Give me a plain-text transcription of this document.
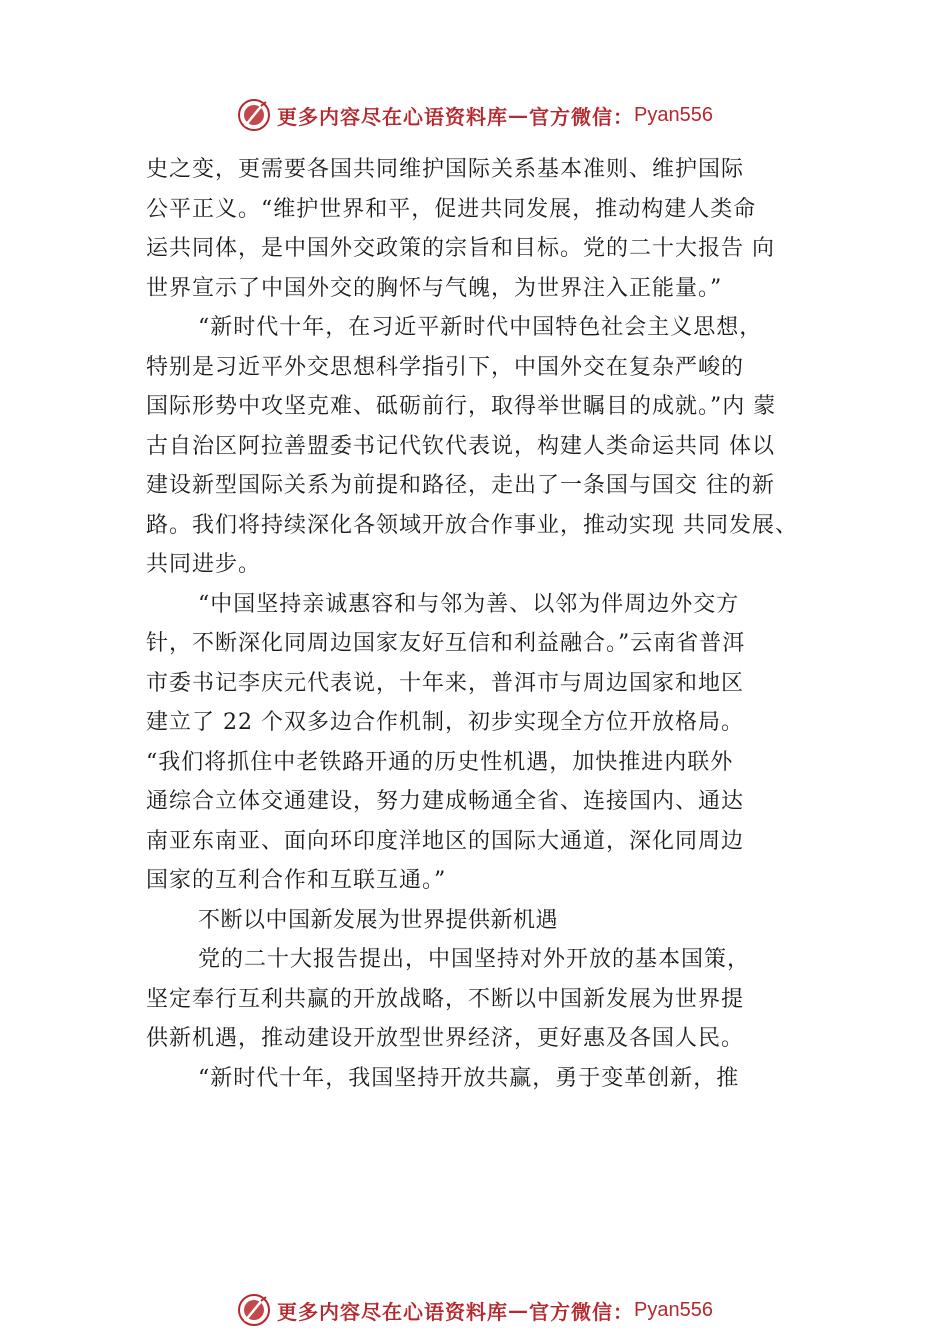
更多内容尽在心语资料库 — 官方微信： Pyan556
史之变，更需要各国共同维护国际关系基本准则、维护国际
公平正义。“维护世界和平，促进共同发展，推动构建人类命
运共同体，是中国外交政策的宗旨和目标。党的二十大报告 向
世界宣示了中国外交的胸怀与气魄，为世界注入正能量。”
“新时代十年，在习近平新时代中国特色社会主义思想，
特别是习近平外交思想科学指引下，中国外交在复杂严峻的
国际形势中攻坚克难、砥砺前行，取得举世瞩目的成就。”内 蒙
古自治区阿拉善盟委书记代钦代表说，构建人类命运共同 体以
建设新型国际关系为前提和路径，走出了一条国与国交 往的新
路。我们将持续深化各领域开放合作事业，推动实现 共同发展、
共同进步。
“中国坚持亲诚惠容和与邻为善、以邻为伴周边外交方
针，不断深化同周边国家友好互信和利益融合。”云南省普洱
市委书记李庆元代表说，十年来，普洱市与周边国家和地区
建立了 22 个双多边合作机制，初步实现全方位开放格局。
“我们将抓住中老铁路开通的历史性机遇，加快推进内联外
通综合立体交通建设，努力建成畅通全省、连接国内、通达
南亚东南亚、面向环印度洋地区的国际大通道，深化同周边
国家的互利合作和互联互通。”
不断以中国新发展为世界提供新机遇
党的二十大报告提出，中国坚持对外开放的基本国策，
坚定奉行互利共赢的开放战略，不断以中国新发展为世界提
供新机遇，推动建设开放型世界经济，更好惠及各国人民。
“新时代十年，我国坚持开放共赢，勇于变革创新，推
更多内容尽在心语资料库 — 官方微信： Pyan556
